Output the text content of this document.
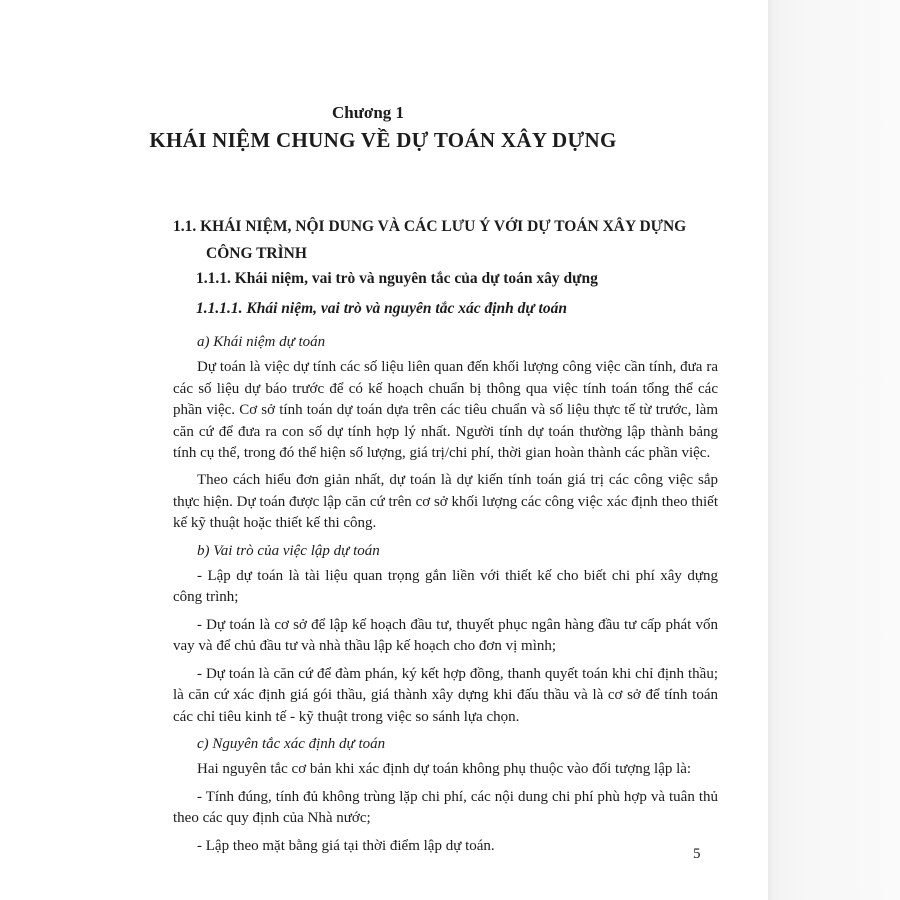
Chương 1
KHÁI NIỆM CHUNG VỀ DỰ TOÁN XÂY DỰNG
1.1. KHÁI NIỆM, NỘI DUNG VÀ CÁC LƯU Ý VỚI DỰ TOÁN XÂY DỰNG
CÔNG TRÌNH
1.1.1. Khái niệm, vai trò và nguyên tắc của dự toán xây dựng
1.1.1.1. Khái niệm, vai trò và nguyên tắc xác định dự toán

a) Khái niệm dự toán

Dự toán là việc dự tính các số liệu liên quan đến khối lượng công việc cần tính, đưa ra các số liệu dự báo trước để có kế hoạch chuẩn bị thông qua việc tính toán tổng thể các phần việc. Cơ sở tính toán dự toán dựa trên các tiêu chuẩn và số liệu thực tế từ trước, làm căn cứ để đưa ra con số dự tính hợp lý nhất. Người tính dự toán thường lập thành bảng tính cụ thể, trong đó thể hiện số lượng, giá trị/chi phí, thời gian hoàn thành các phần việc.

Theo cách hiểu đơn giản nhất, dự toán là dự kiến tính toán giá trị các công việc sắp thực hiện. Dự toán được lập căn cứ trên cơ sở khối lượng các công việc xác định theo thiết kế kỹ thuật hoặc thiết kế thi công.

b) Vai trò của việc lập dự toán

- Lập dự toán là tài liệu quan trọng gắn liền với thiết kế cho biết chi phí xây dựng công trình;

- Dự toán là cơ sở để lập kế hoạch đầu tư, thuyết phục ngân hàng đầu tư cấp phát vốn vay và để chủ đầu tư và nhà thầu lập kế hoạch cho đơn vị mình;

- Dự toán là căn cứ để đàm phán, ký kết hợp đồng, thanh quyết toán khi chỉ định thầu; là căn cứ xác định giá gói thầu, giá thành xây dựng khi đấu thầu và là cơ sở để tính toán các chỉ tiêu kinh tế - kỹ thuật trong việc so sánh lựa chọn.

c) Nguyên tắc xác định dự toán

Hai nguyên tắc cơ bản khi xác định dự toán không phụ thuộc vào đối tượng lập là:

- Tính đúng, tính đủ không trùng lặp chi phí, các nội dung chi phí phù hợp và tuân thủ theo các quy định của Nhà nước;

- Lập theo mặt bằng giá tại thời điểm lập dự toán.

5
